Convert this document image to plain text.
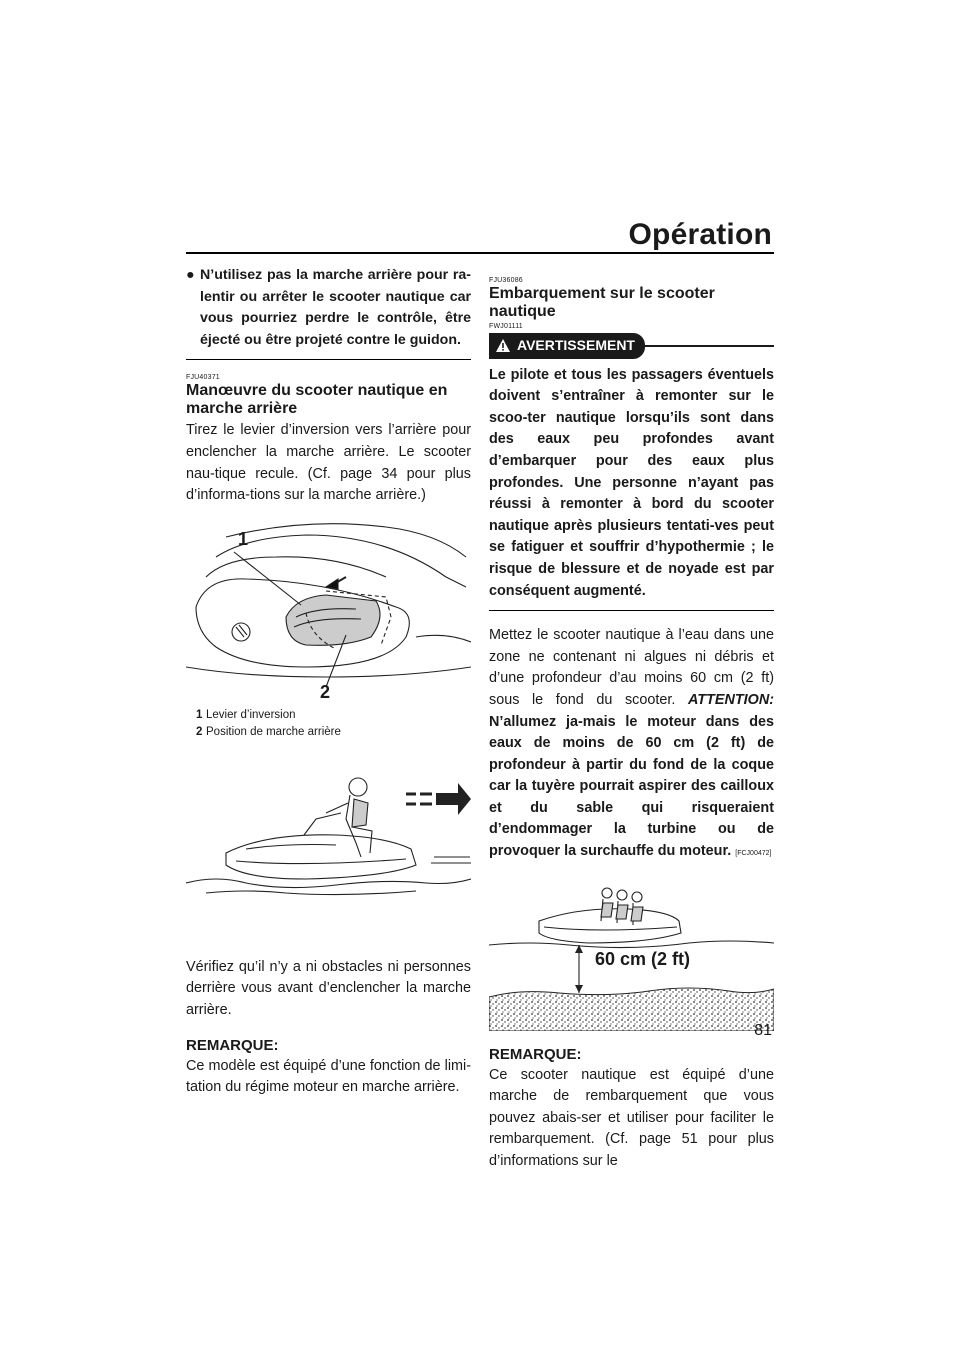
Opération
● N’utilisez pas la marche arrière pour ra-lentir ou arrêter le scooter nautique car vous pourriez perdre le contrôle, être éjecté ou être projeté contre le guidon.

FJU40371
Manœuvre du scooter nautique en marche arrière

Tirez le levier d’inversion vers l’arrière pour enclencher la marche arrière. Le scooter nau-tique recule. (Cf. page 34 pour plus d’informa-tions sur la marche arrière.)

1
2
1 Levier d’inversion
2 Position de marche arrière

Vérifiez qu’il n’y a ni obstacles ni personnes derrière vous avant d’enclencher la marche arrière.

REMARQUE:

Ce modèle est équipé d’une fonction de limi-tation du régime moteur en marche arrière.

FJU36086
Embarquement sur le scooter nautique
FWJ01111
AVERTISSEMENT

Le pilote et tous les passagers éventuels doivent s’entraîner à remonter sur le scoo-ter nautique lorsqu’ils sont dans des eaux peu profondes avant d’embarquer pour des eaux plus profondes. Une personne n’ayant pas réussi à remonter à bord du scooter nautique après plusieurs tentati-ves peut se fatiguer et souffrir d’hypothermie ; le risque de blessure et de noyade est par conséquent augmenté.

Mettez le scooter nautique à l’eau dans une zone ne contenant ni algues ni débris et d’une profondeur d’au moins 60 cm (2 ft) sous le fond du scooter. ATTENTION: N’allumez ja-mais le moteur dans des eaux de moins de 60 cm (2 ft) de profondeur à partir du fond de la coque car la tuyère pourrait aspirer des cailloux et du sable qui risqueraient d’endommager la turbine ou de provoquer la surchauffe du moteur. [FCJ00472]

60 cm (2 ft)
REMARQUE:

Ce scooter nautique est équipé d’une marche de rembarquement que vous pouvez abais-ser et utiliser pour faciliter le rembarquement. (Cf. page 51 pour plus d’informations sur le

81
